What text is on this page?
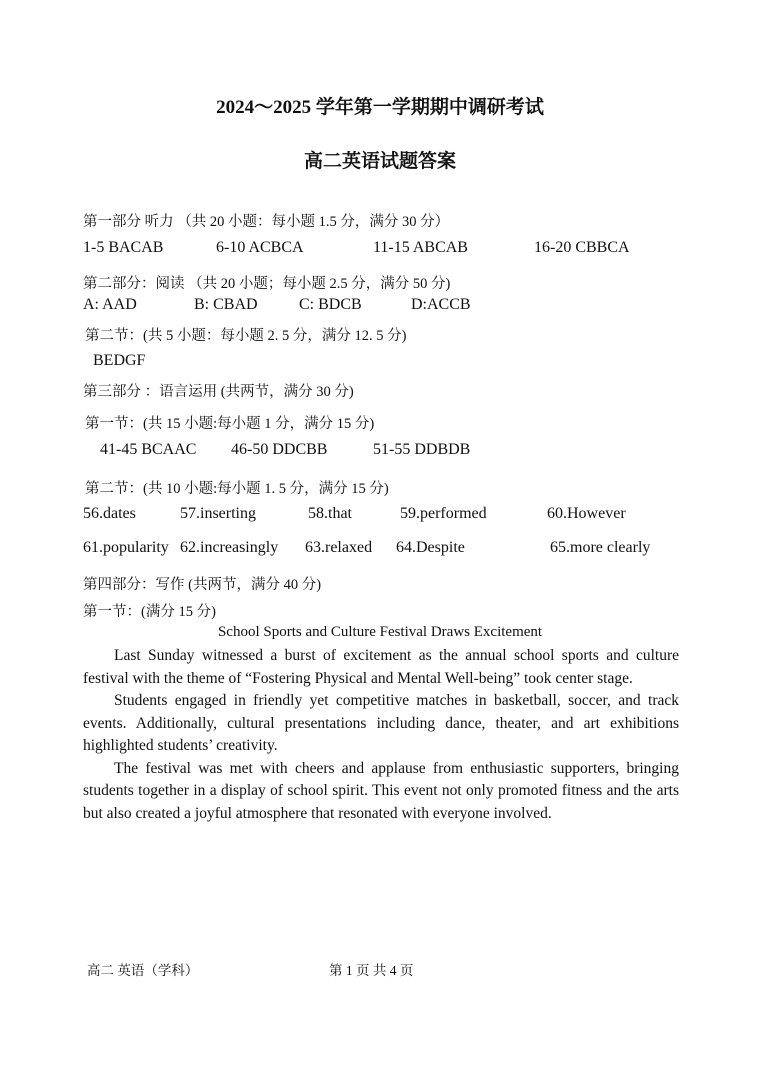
2024～2025 学年第一学期期中调研考试
高二英语试题答案
第一部分 听力 （共 20 小题：每小题 1.5 分，满分 30 分）
1-5 BACAB	6-10 ACBCA	11-15 ABCAB	16-20 CBBCA
第二部分：阅读 （共 20 小题；每小题 2.5 分，满分 50 分)
A: AAD	B: CBAD	C: BDCB	D:ACCB
第二节：(共 5 小题：每小题 2. 5 分，满分 12. 5 分)
BEDGF
第三部分 ：语言运用 (共两节，满分 30 分)
第一节：(共 15 小题:每小题 1 分，满分 15 分)
41-45 BCAAC 46-50 DDCBB	51-55 DDBDB
第二节：(共 10 小题:每小题 1. 5 分，满分 15 分)
56.dates	57.inserting	58.that	59.performed	60.However
61.popularity 62.increasingly 63.relaxed 64.Despite	65.more clearly
第四部分：写作 (共两节，满分 40 分)
第一节：(满分 15 分)
School Sports and Culture Festival Draws Excitement

Last Sunday witnessed a burst of excitement as the annual school sports and culture festival with the theme of “Fostering Physical and Mental Well-being” took center stage.

Students engaged in friendly yet competitive matches in basketball, soccer, and track events. Additionally, cultural presentations including dance, theater, and art exhibitions highlighted students’ creativity.

The festival was met with cheers and applause from enthusiastic supporters, bringing students together in a display of school spirit. This event not only promoted fitness and the arts but also created a joyful atmosphere that resonated with everyone involved.

高二 英语（学科）	第 1 页 共 4 页
